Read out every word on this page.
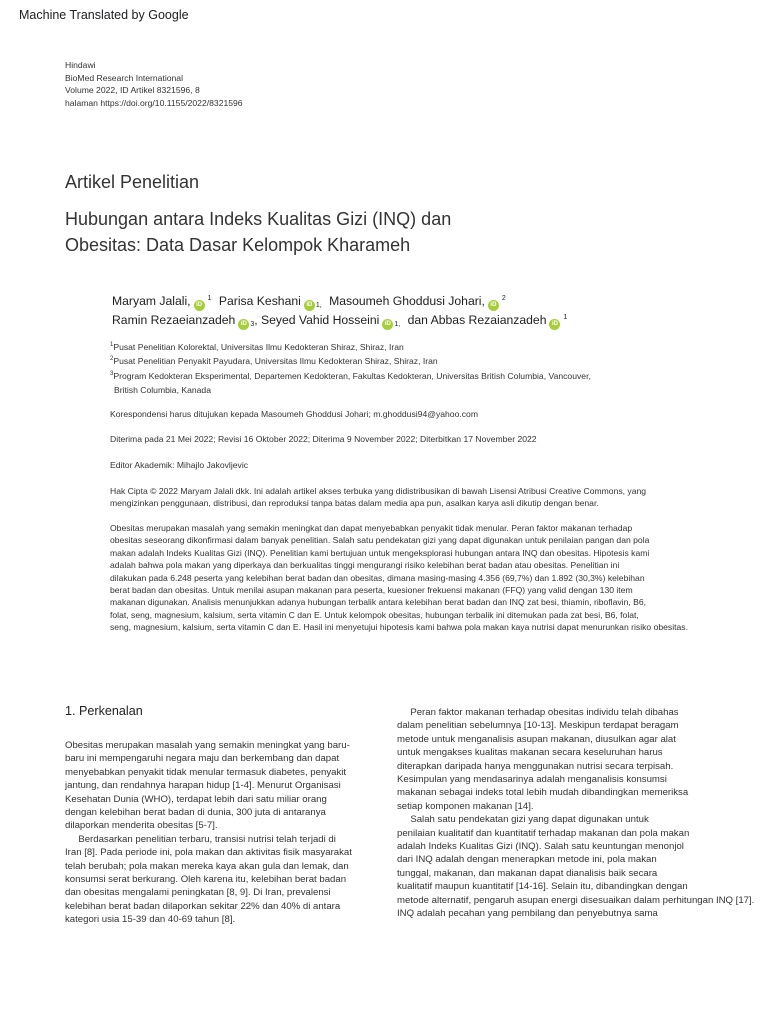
Machine Translated by Google
Hindawi
BioMed Research International
Volume 2022, ID Artikel 8321596, 8
halaman https://doi.org/10.1155/2022/8321596
Artikel Penelitian
Hubungan antara Indeks Kualitas Gizi (INQ) dan
Obesitas: Data Dasar Kelompok Kharameh
Maryam Jalali, $iD^1$ Parisa Keshani iD $_{1,}$ Masoumeh Ghoddusi Johari, $iD^2$
Ramin Rezaeianzadeh iD $_3$, Seyed Vahid Hosseini iD $_{1,}$ dan Abbas Rezaianzadeh $iD^1$
$^1$Pusat Penelitian Kolorektal, Universitas Ilmu Kedokteran Shiraz, Shiraz, Iran
$^2$Pusat Penelitian Penyakit Payudara, Universitas Ilmu Kedokteran Shiraz, Shiraz, Iran
$^3$Program Kedokteran Eksperimental, Departemen Kedokteran, Fakultas Kedokteran, Universitas British Columbia, Vancouver,
British Columbia, Kanada
Korespondensi harus ditujukan kepada Masoumeh Ghoddusi Johari; m.ghoddusi94@yahoo.com
Diterima pada 21 Mei 2022; Revisi 16 Oktober 2022; Diterima 9 November 2022; Diterbitkan 17 November 2022
Editor Akademik: Mihajlo Jakovljevic
Hak Cipta © 2022 Maryam Jalali dkk. Ini adalah artikel akses terbuka yang didistribusikan di bawah Lisensi Atribusi Creative Commons, yang
mengizinkan penggunaan, distribusi, dan reproduksi tanpa batas dalam media apa pun, asalkan karya asli dikutip dengan benar.
Obesitas merupakan masalah yang semakin meningkat dan dapat menyebabkan penyakit tidak menular. Peran faktor makanan terhadap
obesitas seseorang dikonfirmasi dalam banyak penelitian. Salah satu pendekatan gizi yang dapat digunakan untuk penilaian pangan dan pola
makan adalah Indeks Kualitas Gizi (INQ). Penelitian kami bertujuan untuk mengeksplorasi hubungan antara INQ dan obesitas. Hipotesis kami
adalah bahwa pola makan yang diperkaya dan berkualitas tinggi mengurangi risiko kelebihan berat badan atau obesitas. Penelitian ini
dilakukan pada 6.248 peserta yang kelebihan berat badan dan obesitas, dimana masing-masing 4.356 (69,7%) dan 1.892 (30,3%) kelebihan
berat badan dan obesitas. Untuk menilai asupan makanan para peserta, kuesioner frekuensi makanan (FFQ) yang valid dengan 130 item
makanan digunakan. Analisis menunjukkan adanya hubungan terbalik antara kelebihan berat badan dan INQ zat besi, thiamin, riboflavin, B6,
folat, seng, magnesium, kalsium, serta vitamin C dan E. Untuk kelompok obesitas, hubungan terbalik ini ditemukan pada zat besi, B6, folat,
seng, magnesium, kalsium, serta vitamin C dan E. Hasil ini menyetujui hipotesis kami bahwa pola makan kaya nutrisi dapat menurunkan risiko obesitas.
1. Perkenalan
Obesitas merupakan masalah yang semakin meningkat yang baru-
baru ini mempengaruhi negara maju dan berkembang dan dapat
menyebabkan penyakit tidak menular termasuk diabetes, penyakit
jantung, dan rendahnya harapan hidup [1-4]. Menurut Organisasi
Kesehatan Dunia (WHO), terdapat lebih dari satu miliar orang
dengan kelebihan berat badan di dunia, 300 juta di antaranya
dilaporkan menderita obesitas [5-7].
Berdasarkan penelitian terbaru, transisi nutrisi telah terjadi di
Iran [8]. Pada periode ini, pola makan dan aktivitas fisik masyarakat
telah berubah; pola makan mereka kaya akan gula dan lemak, dan
konsumsi serat berkurang. Oleh karena itu, kelebihan berat badan
dan obesitas mengalami peningkatan [8, 9]. Di Iran, prevalensi
kelebihan berat badan dilaporkan sekitar 22% dan 40% di antara
kategori usia 15-39 dan 40-69 tahun [8].
Peran faktor makanan terhadap obesitas individu telah dibahas
dalam penelitian sebelumnya [10-13]. Meskipun terdapat beragam
metode untuk menganalisis asupan makanan, diusulkan agar alat
untuk mengakses kualitas makanan secara keseluruhan harus
diterapkan daripada hanya menggunakan nutrisi secara terpisah.
Kesimpulan yang mendasarinya adalah menganalisis konsumsi
makanan sebagai indeks total lebih mudah dibandingkan memeriksa
setiap komponen makanan [14].
Salah satu pendekatan gizi yang dapat digunakan untuk
penilaian kualitatif dan kuantitatif terhadap makanan dan pola makan
adalah Indeks Kualitas Gizi (INQ). Salah satu keuntungan menonjol
dari INQ adalah dengan menerapkan metode ini, pola makan
tunggal, makanan, dan makanan dapat dianalisis baik secara
kualitatif maupun kuantitatif [14-16]. Selain itu, dibandingkan dengan
metode alternatif, pengaruh asupan energi disesuaikan dalam perhitungan INQ [17].
INQ adalah pecahan yang pembilang dan penyebutnya sama
